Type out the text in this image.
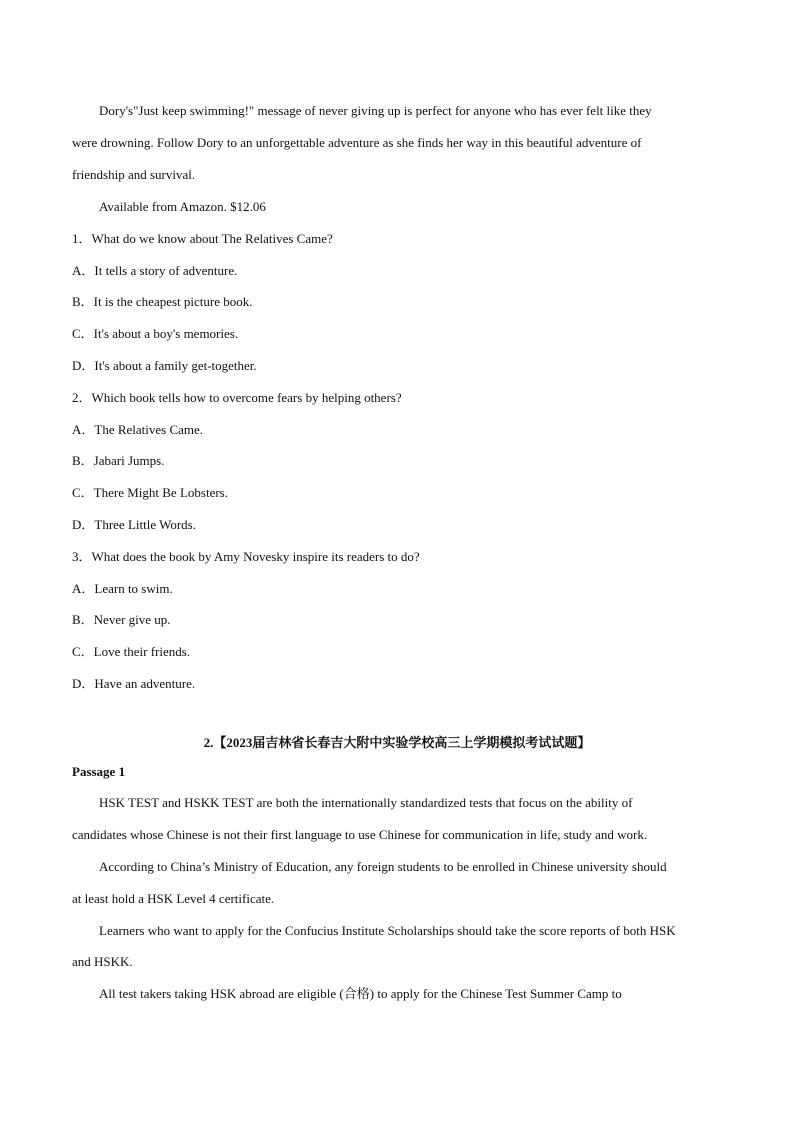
Dory's"Just keep swimming!" message of never giving up is perfect for anyone who has ever felt like they
were drowning. Follow Dory to an unforgettable adventure as she finds her way in this beautiful adventure of
friendship and survival.
Available from Amazon. $12.06
1．What do we know about The Relatives Came?
A．It tells a story of adventure.
B．It is the cheapest picture book.
C．It's about a boy's memories.
D．It's about a family get-together.
2．Which book tells how to overcome fears by helping others?
A．The Relatives Came.
B．Jabari Jumps.
C．There Might Be Lobsters.
D．Three Little Words.
3．What does the book by Amy Novesky inspire its readers to do?
A．Learn to swim.
B．Never give up.
C．Love their friends.
D．Have an adventure.
2.【2023届吉林省长春吉大附中实验学校高三上学期模拟考试试题】
Passage 1
HSK TEST and HSKK TEST are both the internationally standardized tests that focus on the ability of
candidates whose Chinese is not their first language to use Chinese for communication in life, study and work.
According to China’s Ministry of Education, any foreign students to be enrolled in Chinese university should
at least hold a HSK Level 4 certificate.
Learners who want to apply for the Confucius Institute Scholarships should take the score reports of both HSK
and HSKK.
All test takers taking HSK abroad are eligible (合格) to apply for the Chinese Test Summer Camp to
